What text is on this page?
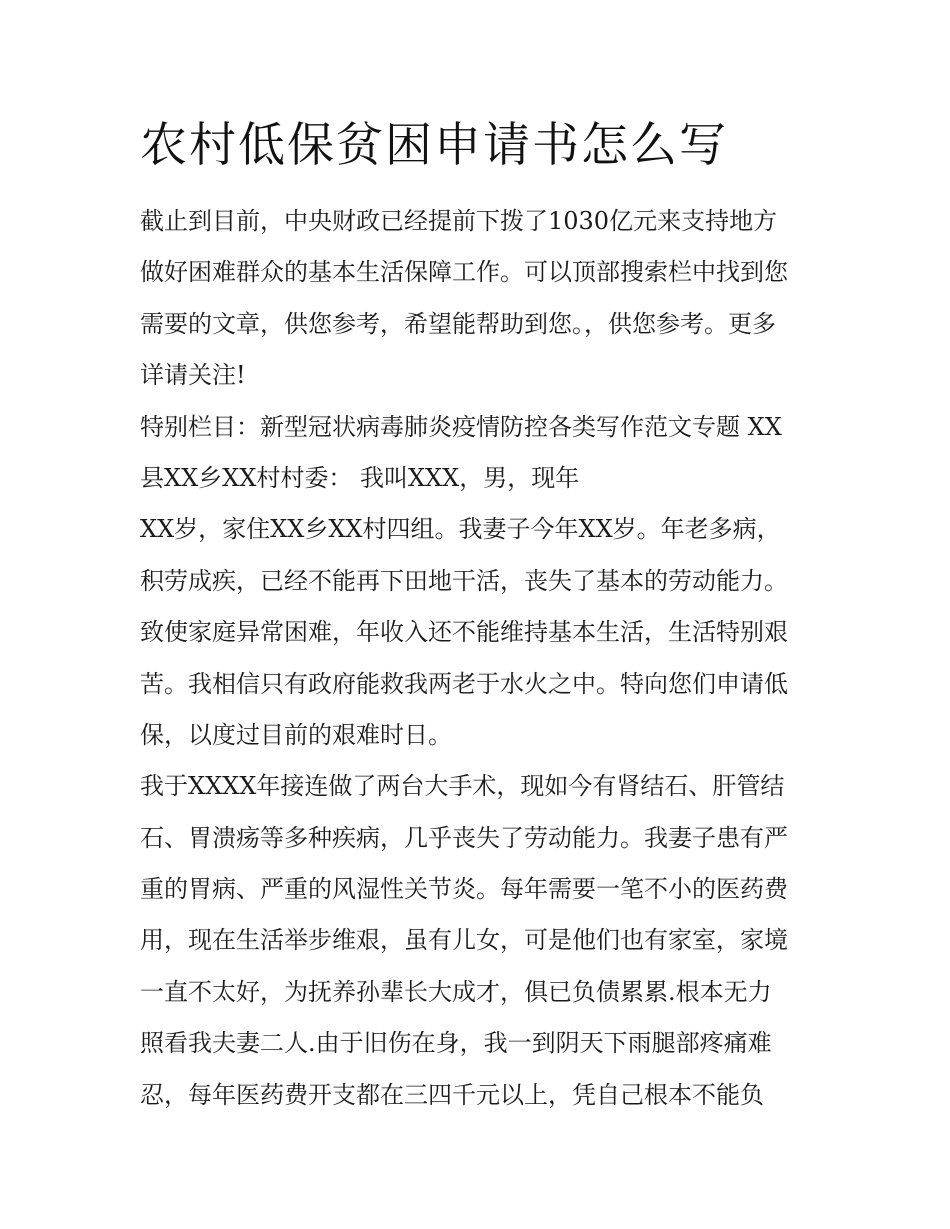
农村低保贫困申请书怎么写
截止到目前，中央财政已经提前下拨了1030亿元来支持地方
做好困难群众的基本生活保障工作。可以顶部搜索栏中找到您
需要的文章，供您参考，希望能帮助到您。，供您参考。更多
详请关注!
特别栏目：新型冠状病毒肺炎疫情防控各类写作范文专题 XX
县XX乡XX村村委： 我叫XXX，男，现年
XX岁，家住XX乡XX村四组。我妻子今年XX岁。年老多病，
积劳成疾，已经不能再下田地干活，丧失了基本的劳动能力。
致使家庭异常困难，年收入还不能维持基本生活，生活特别艰
苦。我相信只有政府能救我两老于水火之中。特向您们申请低
保，以度过目前的艰难时日。
我于XXXX年接连做了两台大手术，现如今有肾结石、肝管结
石、胃溃疡等多种疾病，几乎丧失了劳动能力。我妻子患有严
重的胃病、严重的风湿性关节炎。每年需要一笔不小的医药费
用，现在生活举步维艰，虽有儿女，可是他们也有家室，家境
一直不太好，为抚养孙辈长大成才，俱已负债累累.根本无力
照看我夫妻二人.由于旧伤在身，我一到阴天下雨腿部疼痛难
忍，每年医药费开支都在三四千元以上，凭自己根本不能负
